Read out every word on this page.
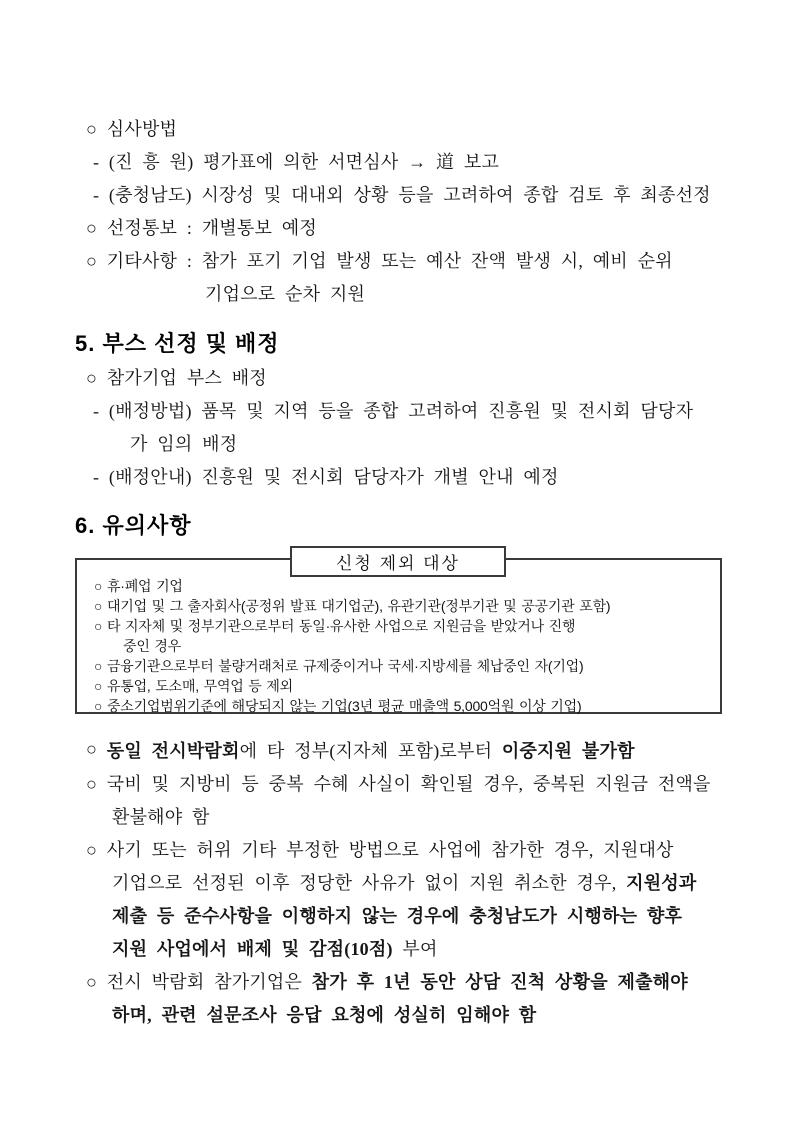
○ 심사방법
- (진 흥 원) 평가표에 의한 서면심사 → 道 보고
- (충청남도) 시장성 및 대내외 상황 등을 고려하여 종합 검토 후 최종선정
○ 선정통보 : 개별통보 예정
○ 기타사항 : 참가 포기 기업 발생 또는 예산 잔액 발생 시, 예비 순위
기업으로 순차 지원
5. 부스 선정 및 배정
○ 참가기업 부스 배정
- (배정방법) 품목 및 지역 등을 종합 고려하여 진흥원 및 전시회 담당자
가 임의 배정
- (배정안내) 진흥원 및 전시회 담당자가 개별 안내 예정
6. 유의사항
신청 제외 대상
○ 휴·폐업 기업
○ 대기업 및 그 출자회사(공정위 발표 대기업군), 유관기관(정부기관 및 공공기관 포함)
○ 타 지자체 및 정부기관으로부터 동일·유사한 사업으로 지원금을 받았거나 진행
중인 경우
○ 금융기관으로부터 불량거래처로 규제중이거나 국세·지방세를 체납중인 자(기업)
○ 유통업, 도소매, 무역업 등 제외
○ 중소기업범위기준에 해당되지 않는 기업(3년 평균 매출액 5,000억원 이상 기업)
○ 동일 전시박람회 에 타 정부(지자체 포함)로부터 이중지원 불가함
○ 국비 및 지방비 등 중복 수혜 사실이 확인될 경우, 중복된 지원금 전액을
환불해야 함
○ 사기 또는 허위 기타 부정한 방법으로 사업에 참가한 경우, 지원대상
기업으로 선정된 이후 정당한 사유가 없이 지원 취소한 경우, 지원성과
제출 등 준수사항을 이행하지 않는 경우에 충청남도가 시행하는 향후
지원 사업에서 배제 및 감점(10점) 부여
○ 전시 박람회 참가기업은 참가 후 1년 동안 상담 진척 상황을 제출해야
하며, 관련 설문조사 응답 요청에 성실히 임해야 함
